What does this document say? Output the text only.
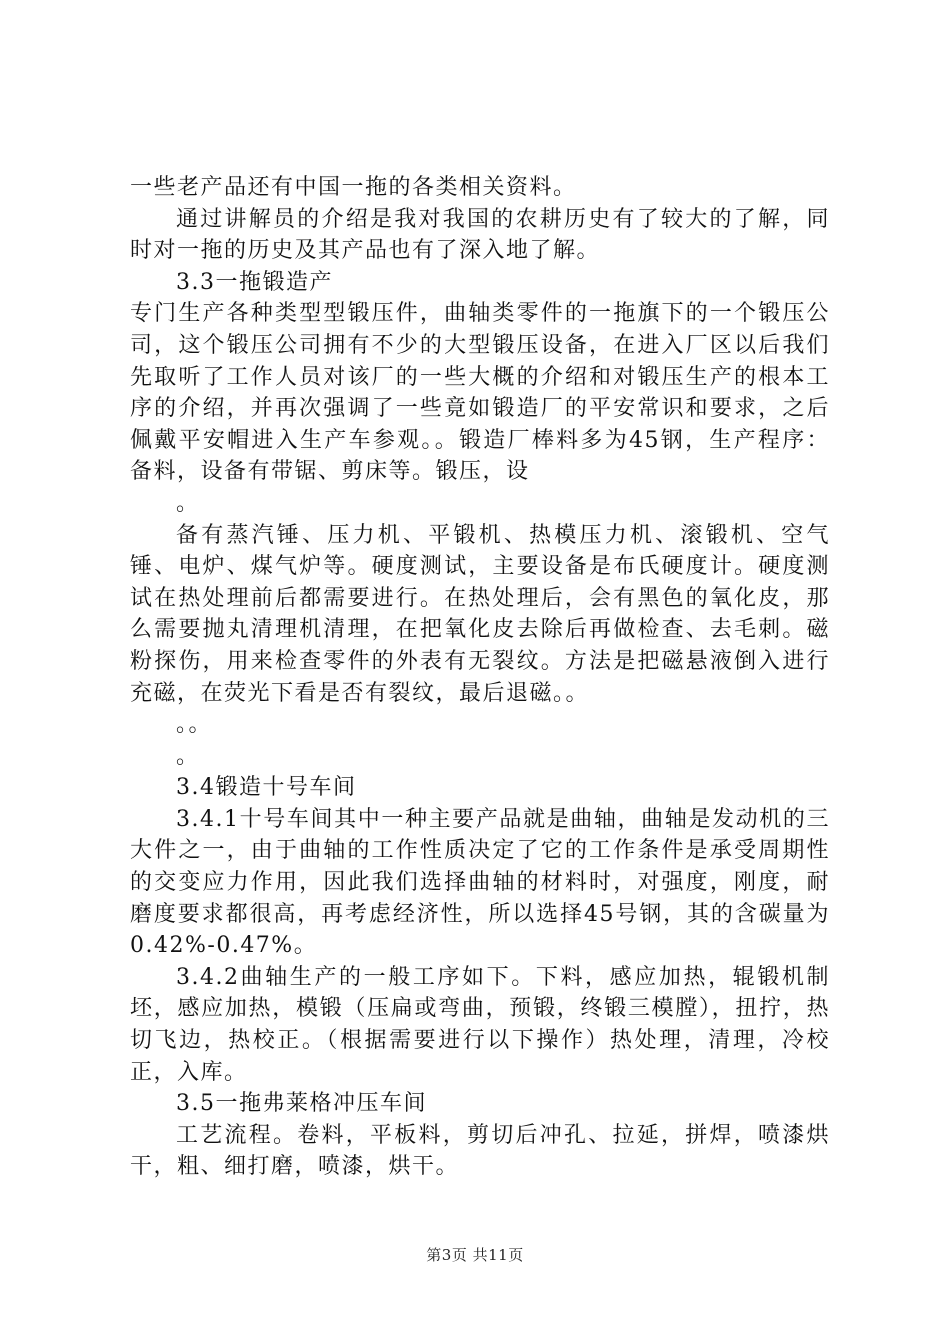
一些老产品还有中国一拖的各类相关资料。

通过讲解员的介绍是我对我国的农耕历史有了较大的了解，同时对一拖的历史及其产品也有了深入地了解。

3.3一拖锻造产

专门生产各种类型型锻压件，曲轴类零件的一拖旗下的一个锻压公司，这个锻压公司拥有不少的大型锻压设备，在进入厂区以后我们先取听了工作人员对该厂的一些大概的介绍和对锻压生产的根本工序的介绍，并再次强调了一些竟如锻造厂的平安常识和要求，之后佩戴平安帽进入生产车参观。。锻造厂棒料多为45钢，生产程序：备料，设备有带锯、剪床等。锻压，设

。

备有蒸汽锤、压力机、平锻机、热模压力机、滚锻机、空气锤、电炉、煤气炉等。硬度测试，主要设备是布氏硬度计。硬度测试在热处理前后都需要进行。在热处理后，会有黑色的氧化皮，那么需要抛丸清理机清理，在把氧化皮去除后再做检查、去毛刺。磁粉探伤，用来检查零件的外表有无裂纹。方法是把磁悬液倒入进行充磁，在荧光下看是否有裂纹，最后退磁。。

。。

。

3.4锻造十号车间

3.4.1十号车间其中一种主要产品就是曲轴，曲轴是发动机的三大件之一，由于曲轴的工作性质决定了它的工作条件是承受周期性的交变应力作用，因此我们选择曲轴的材料时，对强度，刚度，耐磨度要求都很高，再考虑经济性，所以选择45号钢，其的含碳量为0.42%-0.47%。

3.4.2曲轴生产的一般工序如下。下料，感应加热，辊锻机制坯，感应加热，模锻（压扁或弯曲，预锻，终锻三模膛），扭拧，热切飞边，热校正。（根据需要进行以下操作）热处理，清理，冷校正，入库。

3.5一拖弗莱格冲压车间

工艺流程。卷料，平板料，剪切后冲孔、拉延，拼焊，喷漆烘干，粗、细打磨，喷漆，烘干。

第3页 共11页
